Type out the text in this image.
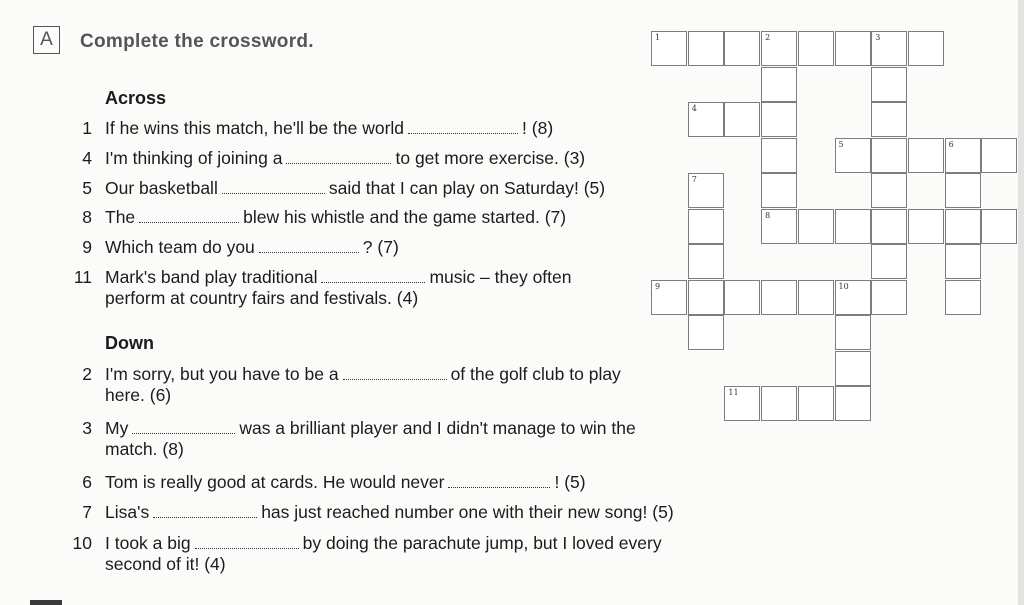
A	Complete the crossword.
Across
1 If he wins this match, he'll be the world	! (8)
4 I'm thinking of joining a	to get more exercise. (3)
5 Our basketball	said that I can play on Saturday! (5)
8 The	blew his whistle and the game started. (7)
9 Which team do you	? (7)
11 Mark's band play traditional	music – they often
perform at country fairs and festivals. (4)
Down
2 I'm sorry, but you have to be a	of the golf club to play
here. (6)
3 My	was a brilliant player and I didn't manage to win the
match. (8)
6 Tom is really good at cards. He would never	! (5)
7 Lisa's	has just reached number one with their new song! (5)
10 I took a big	by doing the parachute jump, but I loved every
second of it! (4)
1	2	3
8
4
5	6
7
9	10
11
